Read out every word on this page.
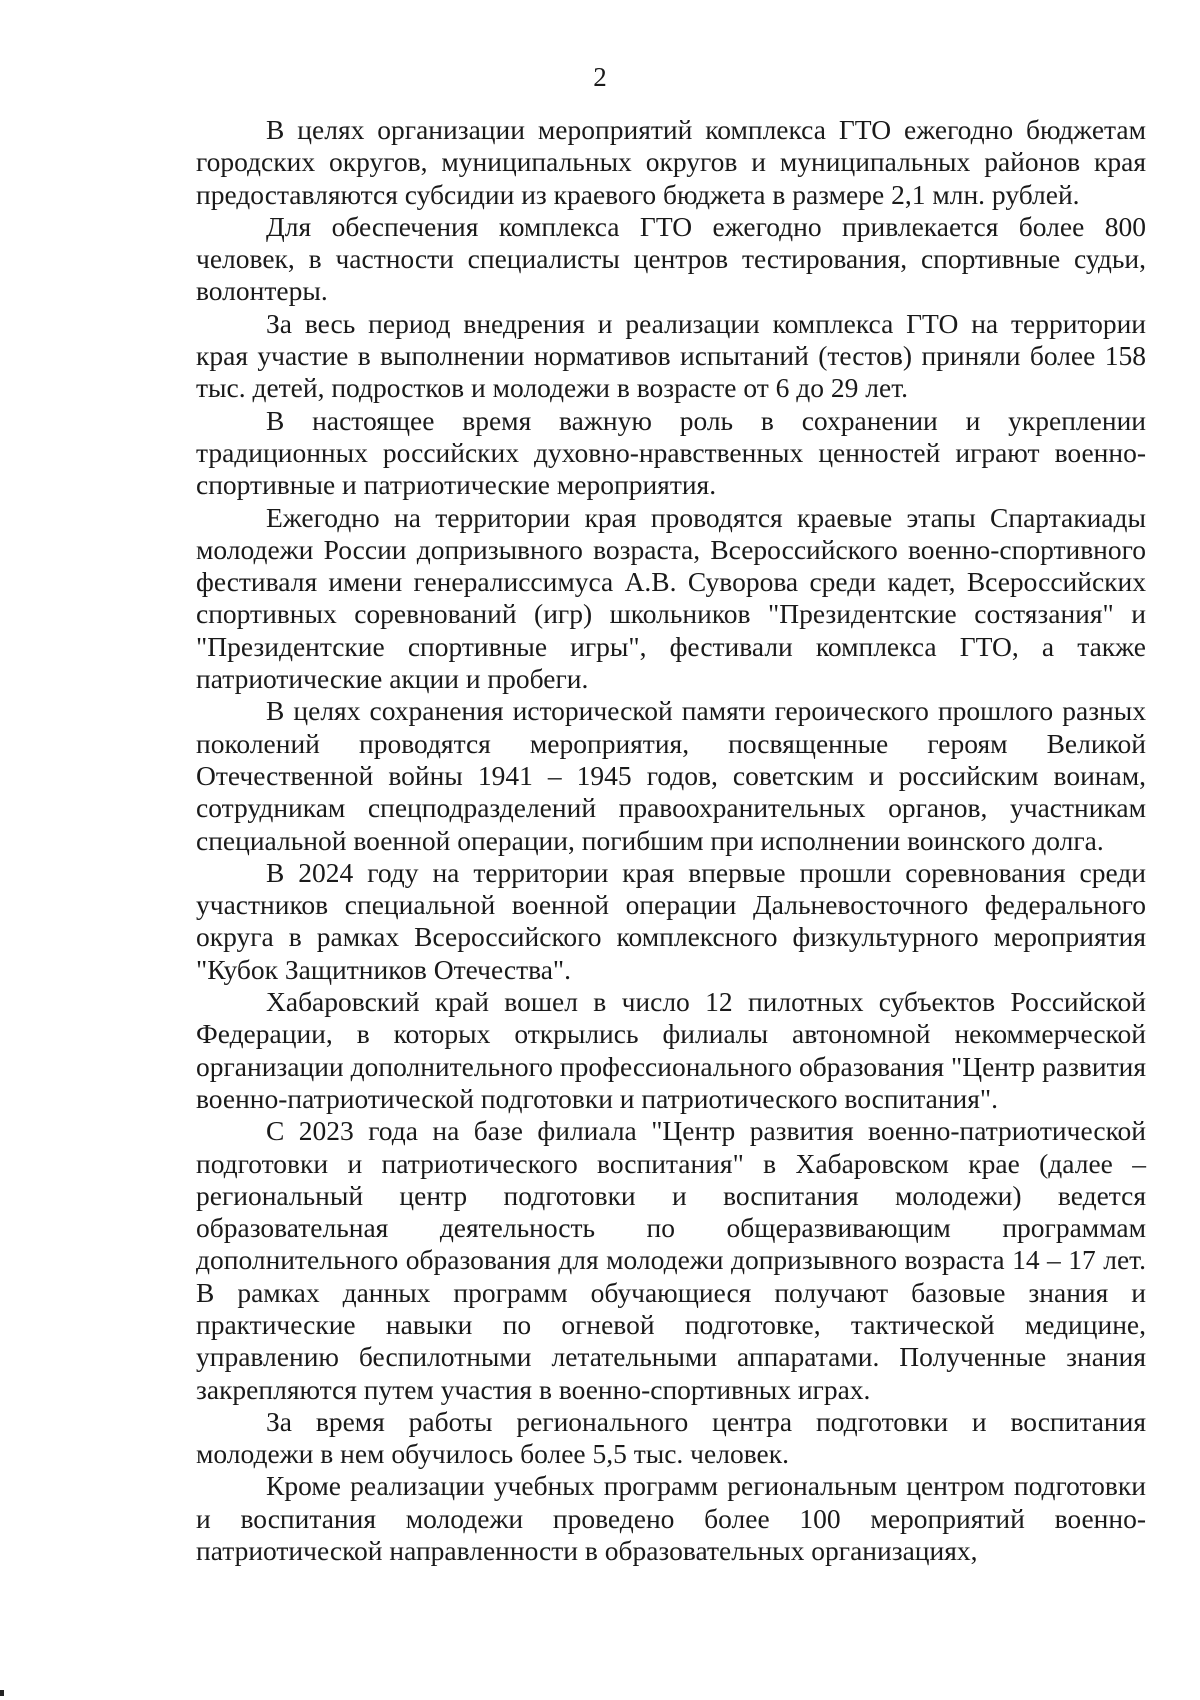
2

В целях организации мероприятий комплекса ГТО ежегодно бюджетам городских округов, муниципальных округов и муниципальных районов края предоставляются субсидии из краевого бюджета в размере 2,1 млн. рублей.

Для обеспечения комплекса ГТО ежегодно привлекается более 800 человек, в частности специалисты центров тестирования, спортивные судьи, волонтеры.

За весь период внедрения и реализации комплекса ГТО на территории края участие в выполнении нормативов испытаний (тестов) приняли более 158 тыс. детей, подростков и молодежи в возрасте от 6 до 29 лет.

В настоящее время важную роль в сохранении и укреплении традиционных российских духовно-нравственных ценностей играют военно-спортивные и патриотические мероприятия.

Ежегодно на территории края проводятся краевые этапы Спартакиады молодежи России допризывного возраста, Всероссийского военно-спортивного фестиваля имени генералиссимуса А.В. Суворова среди кадет, Всероссийских спортивных соревнований (игр) школьников "Президентские состязания" и "Президентские спортивные игры", фестивали комплекса ГТО, а также патриотические акции и пробеги.

В целях сохранения исторической памяти героического прошлого разных поколений проводятся мероприятия, посвященные героям Великой Отечественной войны 1941 – 1945 годов, советским и российским воинам, сотрудникам спецподразделений правоохранительных органов, участникам специальной военной операции, погибшим при исполнении воинского долга.

В 2024 году на территории края впервые прошли соревнования среди участников специальной военной операции Дальневосточного федерального округа в рамках Всероссийского комплексного физкультурного мероприятия "Кубок Защитников Отечества".

Хабаровский край вошел в число 12 пилотных субъектов Российской Федерации, в которых открылись филиалы автономной некоммерческой организации дополнительного профессионального образования "Центр развития военно-патриотической подготовки и патриотического воспитания".

С 2023 года на базе филиала "Центр развития военно-патриотической подготовки и патриотического воспитания" в Хабаровском крае (далее – региональный центр подготовки и воспитания молодежи) ведется образовательная деятельность по общеразвивающим программам дополнительного образования для молодежи допризывного возраста 14 – 17 лет. В рамках данных программ обучающиеся получают базовые знания и практические навыки по огневой подготовке, тактической медицине, управлению беспилотными летательными аппаратами. Полученные знания закрепляются путем участия в военно-спортивных играх.

За время работы регионального центра подготовки и воспитания молодежи в нем обучилось более 5,5 тыс. человек.

Кроме реализации учебных программ региональным центром подготовки и воспитания молодежи проведено более 100 мероприятий военно-патриотической направленности в образовательных организациях,
